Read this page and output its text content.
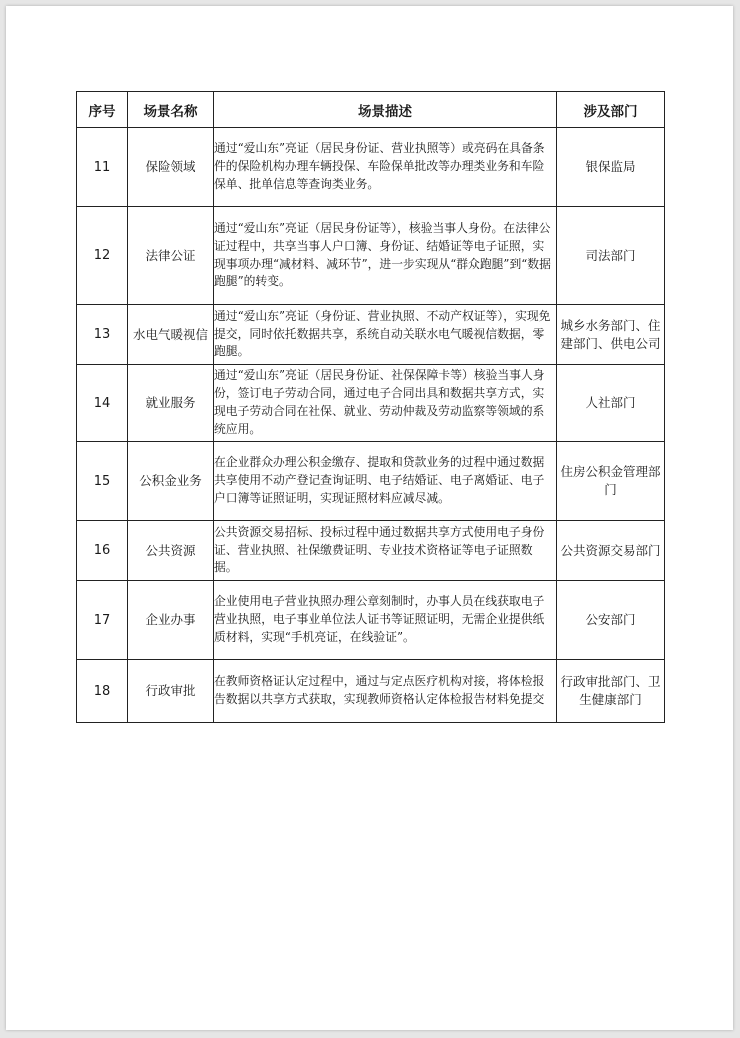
序号	场景名称	场景描述	涉及部门
11	保险领域	通过“爱山东”亮证（居民身份证、营业执照等）或亮码在具备条件的保险机构办理车辆投保、车险保单批改等办理类业务和车险保单、批单信息等查询类业务。	银保监局
12	法律公证	通过“爱山东”亮证（居民身份证等），核验当事人身份。在法律公证过程中，共享当事人户口簿、身份证、结婚证等电子证照，实现事项办理“减材料、减环节”，进一步实现从“群众跑腿”到“数据跑腿”的转变。	司法部门
13	水电气暖视信	通过“爱山东”亮证（身份证、营业执照、不动产权证等），实现免提交，同时依托数据共享，系统自动关联水电气暖视信数据，零跑腿。	城乡水务部门、住建部门、供电公司
14	就业服务	通过“爱山东”亮证（居民身份证、社保保障卡等）核验当事人身份，签订电子劳动合同，通过电子合同出具和数据共享方式，实现电子劳动合同在社保、就业、劳动仲裁及劳动监察等领域的系统应用。	人社部门
15	公积金业务	在企业群众办理公积金缴存、提取和贷款业务的过程中通过数据共享使用不动产登记查询证明、电子结婚证、电子离婚证、电子户口簿等证照证明，实现证照材料应减尽减。	住房公积金管理部门
16	公共资源	公共资源交易招标、投标过程中通过数据共享方式使用电子身份证、营业执照、社保缴费证明、专业技术资格证等电子证照数据。	公共资源交易部门
17	企业办事	企业使用电子营业执照办理公章刻制时，办事人员在线获取电子营业执照，电子事业单位法人证书等证照证明，无需企业提供纸质材料，实现“手机亮证，在线验证”。	公安部门
18	行政审批	在教师资格证认定过程中，通过与定点医疗机构对接，将体检报告数据以共享方式获取，实现教师资格认定体检报告材料免提交	行政审批部门、卫生健康部门
